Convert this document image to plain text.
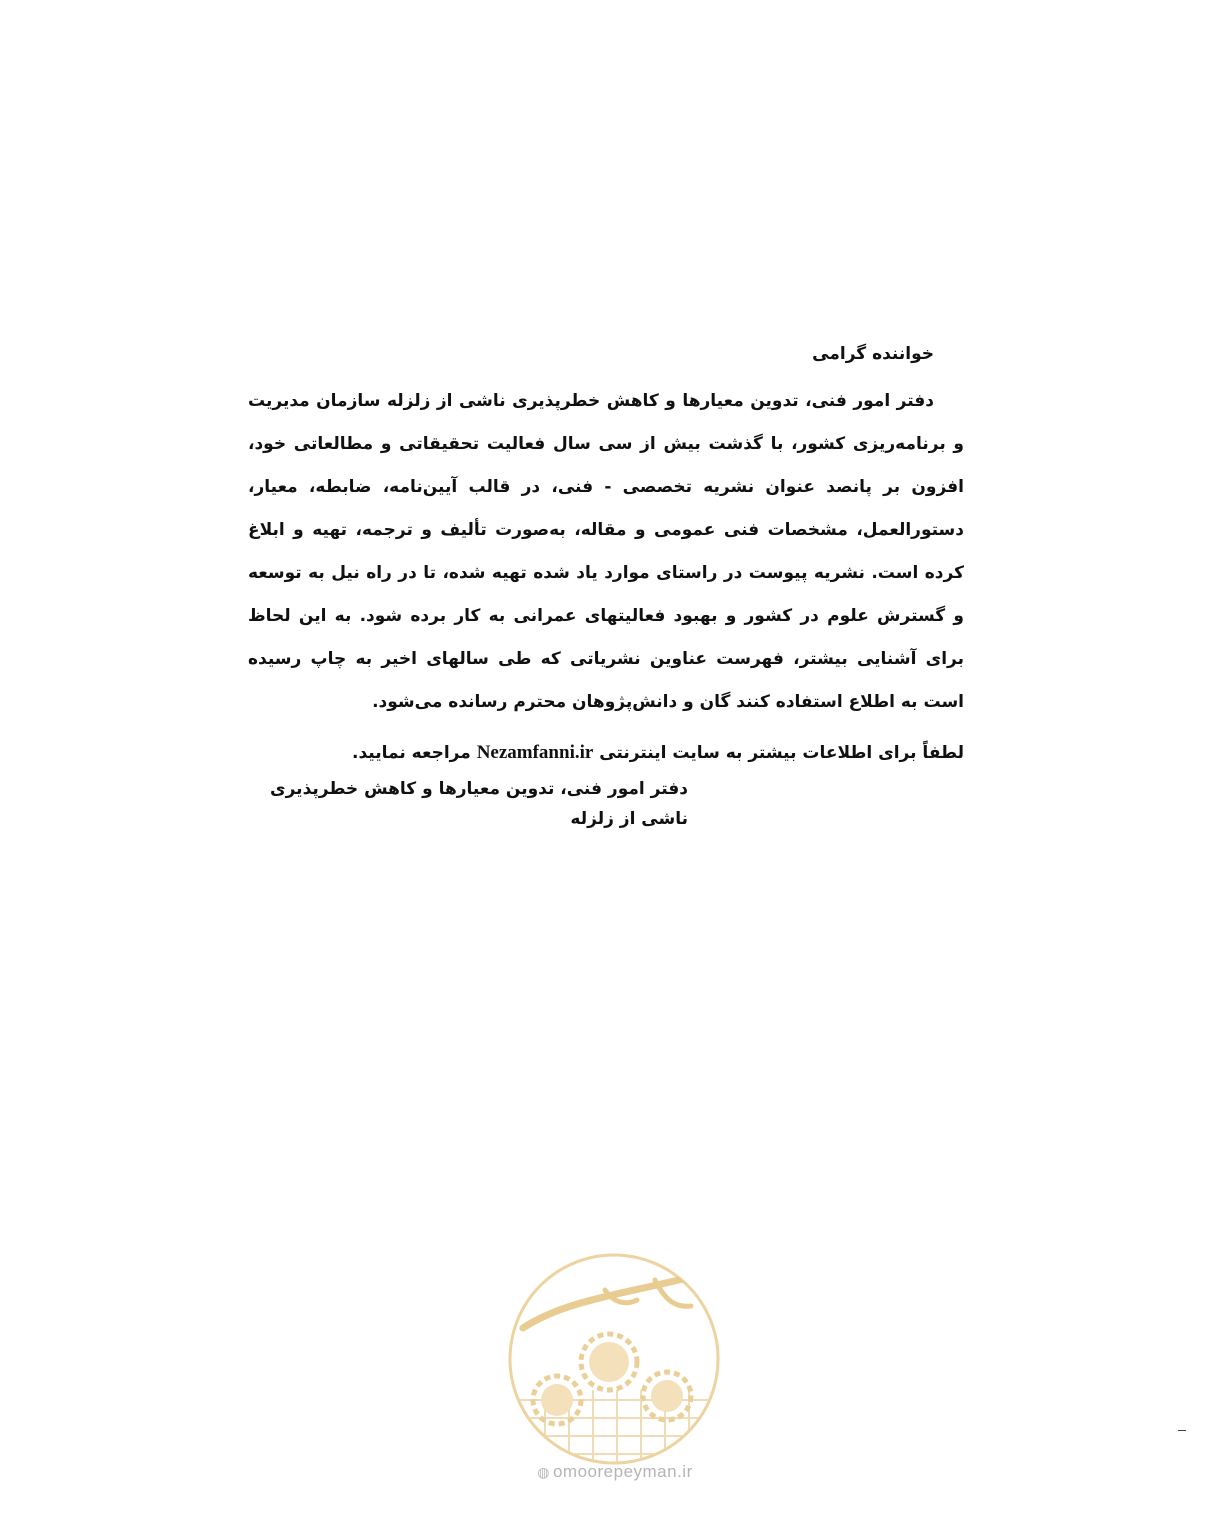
خواننده گرامی

دفتر امور فنی، تدوین معیارها و کاهش خطرپذیری ناشی از زلزله سازمان مدیریت و برنامه‌ریزی کشور، با گذشت بیش از سی سال فعالیت تحقیقاتی و مطالعاتی خود، افزون بر پانصد عنوان نشریه تخصصی - فنی، در قالب آیین‌نامه، ضابطه، معیار، دستورالعمل، مشخصات فنی عمومی و مقاله، به‌صورت تألیف و ترجمه، تهیه و ابلاغ کرده است. نشریه پیوست در راستای موارد یاد شده تهیه شده، تا در راه نیل به توسعه و گسترش علوم در کشور و بهبود فعالیتهای عمرانی به کار برده شود. به این لحاظ برای آشنایی بیشتر، فهرست عناوین نشریاتی که طی سالهای اخیر به چاپ رسیده است به اطلاع استفاده کنند گان و دانش‌پژوهان محترم رسانده می‌شود.

لطفاً برای اطلاعات بیشتر به سایت اینترنتی Nezamfanni.ir مراجعه نمایید.

دفتر امور فنی، تدوین معیارها و کاهش خطرپذیری ناشی از زلزله

◍ omoorepeyman.ir
